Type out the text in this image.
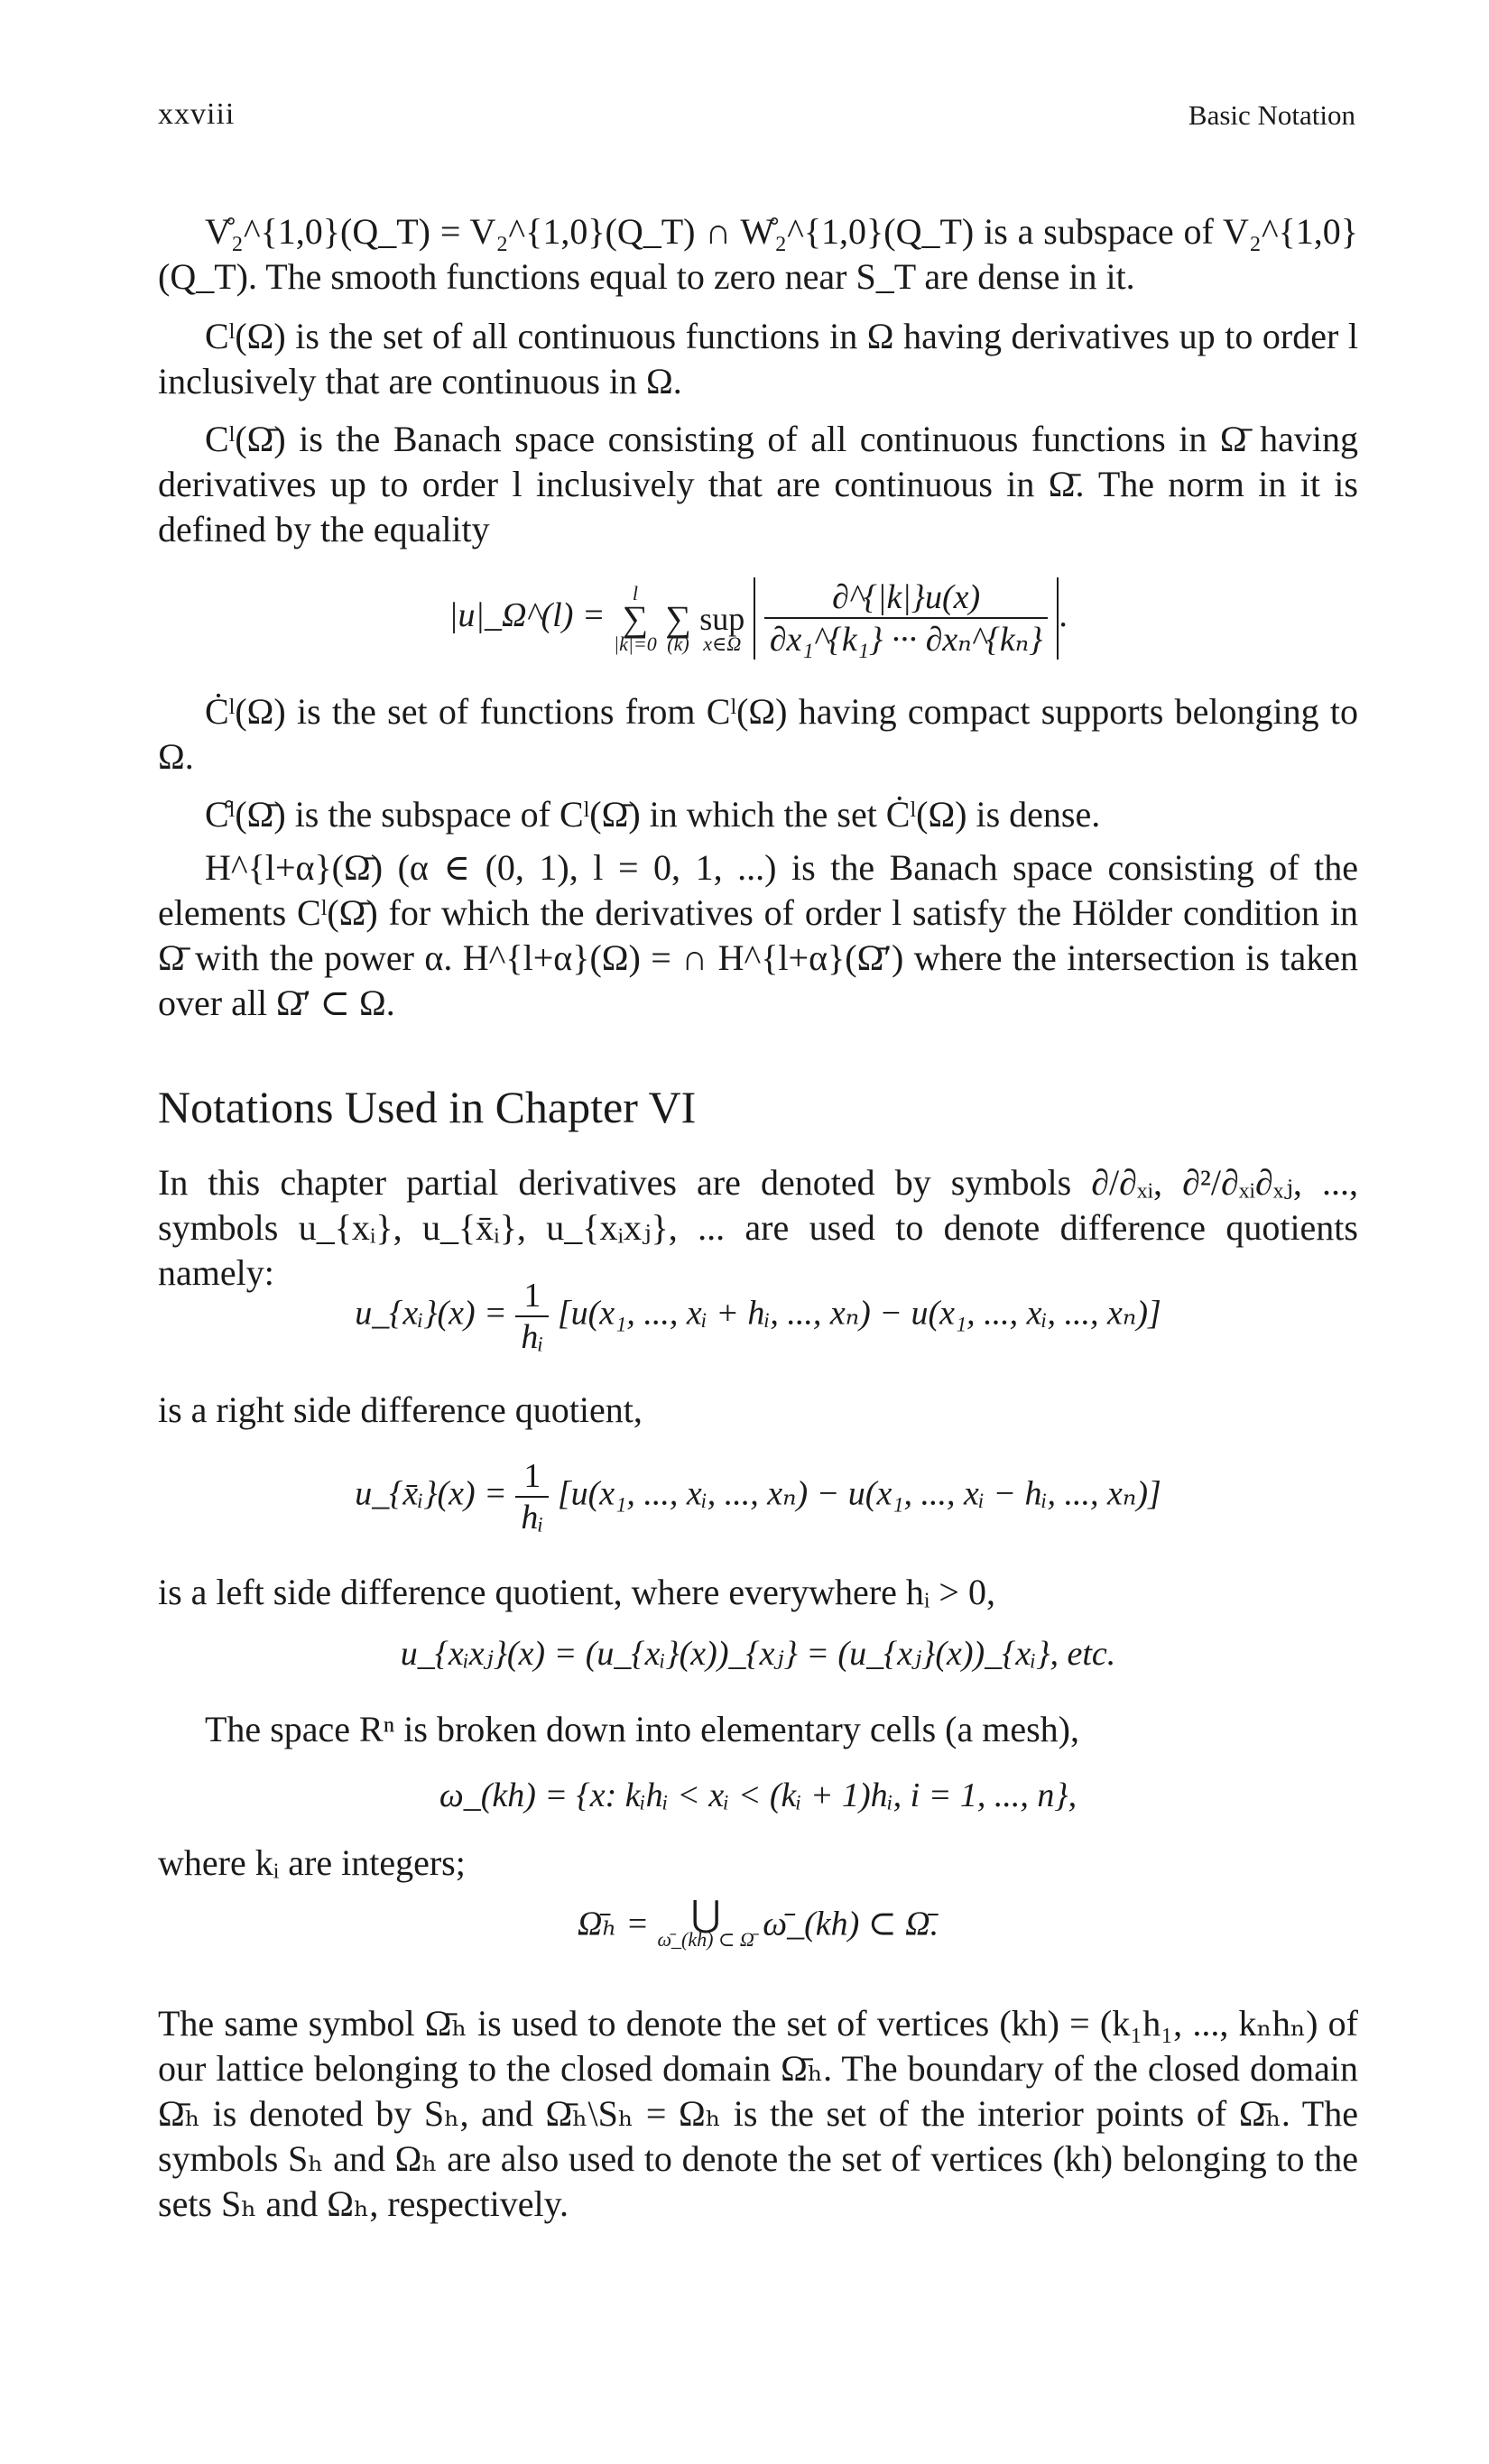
xxviii	Basic Notation
V̊₂^{1,0}(Q_T) = V₂^{1,0}(Q_T) ∩ W̊₂^{1,0}(Q_T) is a subspace of V₂^{1,0}(Q_T). The smooth functions equal to zero near S_T are dense in it.
Cˡ(Ω) is the set of all continuous functions in Ω having derivatives up to order l inclusively that are continuous in Ω.
Cˡ(Ω̄) is the Banach space consisting of all continuous functions in Ω̄ having derivatives up to order l inclusively that are continuous in Ω̄. The norm in it is defined by the equality
|u|_Ω^(l) =
l
∑
|k|=0

∑
(k)

sup
x∈Ω
$\frac{\partial\^{}\{|k|\}u(x)}{\text{∂x₁\textasciicircum{}\{k₁\} ··· ∂xₙ\textasciicircum{}\{kₙ\}}}$ .
Ċˡ(Ω) is the set of functions from Cˡ(Ω) having compact supports belonging to Ω.
C̊ˡ(Ω̄) is the subspace of Cˡ(Ω̄) in which the set Ċˡ(Ω) is dense.
H^{l+α}(Ω̄) (α ∈ (0, 1), l = 0, 1, ...) is the Banach space consisting of the elements Cˡ(Ω̄) for which the derivatives of order l satisfy the Hölder condition in Ω̄ with the power α. H^{l+α}(Ω) = ∩ H^{l+α}(Ω̄′) where the intersection is taken over all Ω̄′ ⊂ Ω.
Notations Used in Chapter VI
In this chapter partial derivatives are denoted by symbols ∂/∂ₓᵢ, ∂²/∂ₓᵢ∂ₓⱼ, ..., symbols u_{xᵢ}, u_{x̄ᵢ}, u_{xᵢxⱼ}, ... are used to denote difference quotients namely:
u_{xᵢ}(x) = $\frac{1}{\text{hᵢ}} [u(x_1$, ..., xᵢ + hᵢ, ..., xₙ) − u(x₁, ..., xᵢ, ..., xₙ)]
is a right side difference quotient,
u_{x̄ᵢ}(x) = $\frac{1}{\text{hᵢ}} [u(x_1$, ..., xᵢ, ..., xₙ) − u(x₁, ..., xᵢ − hᵢ, ..., xₙ)]
is a left side difference quotient, where everywhere hᵢ > 0,
u_{xᵢxⱼ}(x) = (u_{xᵢ}(x))_{xⱼ} = (u_{xⱼ}(x))_{xᵢ}, etc.
The space Rⁿ is broken down into elementary cells (a mesh),
ω_(kh) = {x: kᵢhᵢ < xᵢ < (kᵢ + 1)hᵢ, i = 1, ..., n},
where kᵢ are integers;
Ω̄ₕ =	⋃
ω̄_(kh) ⊂ Ω̄ ω̄_(kh) ⊂ Ω̄.
The same symbol Ω̄ₕ is used to denote the set of vertices (kh) = (k₁h₁, ..., kₙhₙ) of our lattice belonging to the closed domain Ω̄ₕ. The boundary of the closed domain Ω̄ₕ is denoted by Sₕ, and Ω̄ₕ\Sₕ = Ωₕ is the set of the interior points of Ω̄ₕ. The symbols Sₕ and Ωₕ are also used to denote the set of vertices (kh) belonging to the sets Sₕ and Ωₕ, respectively.
